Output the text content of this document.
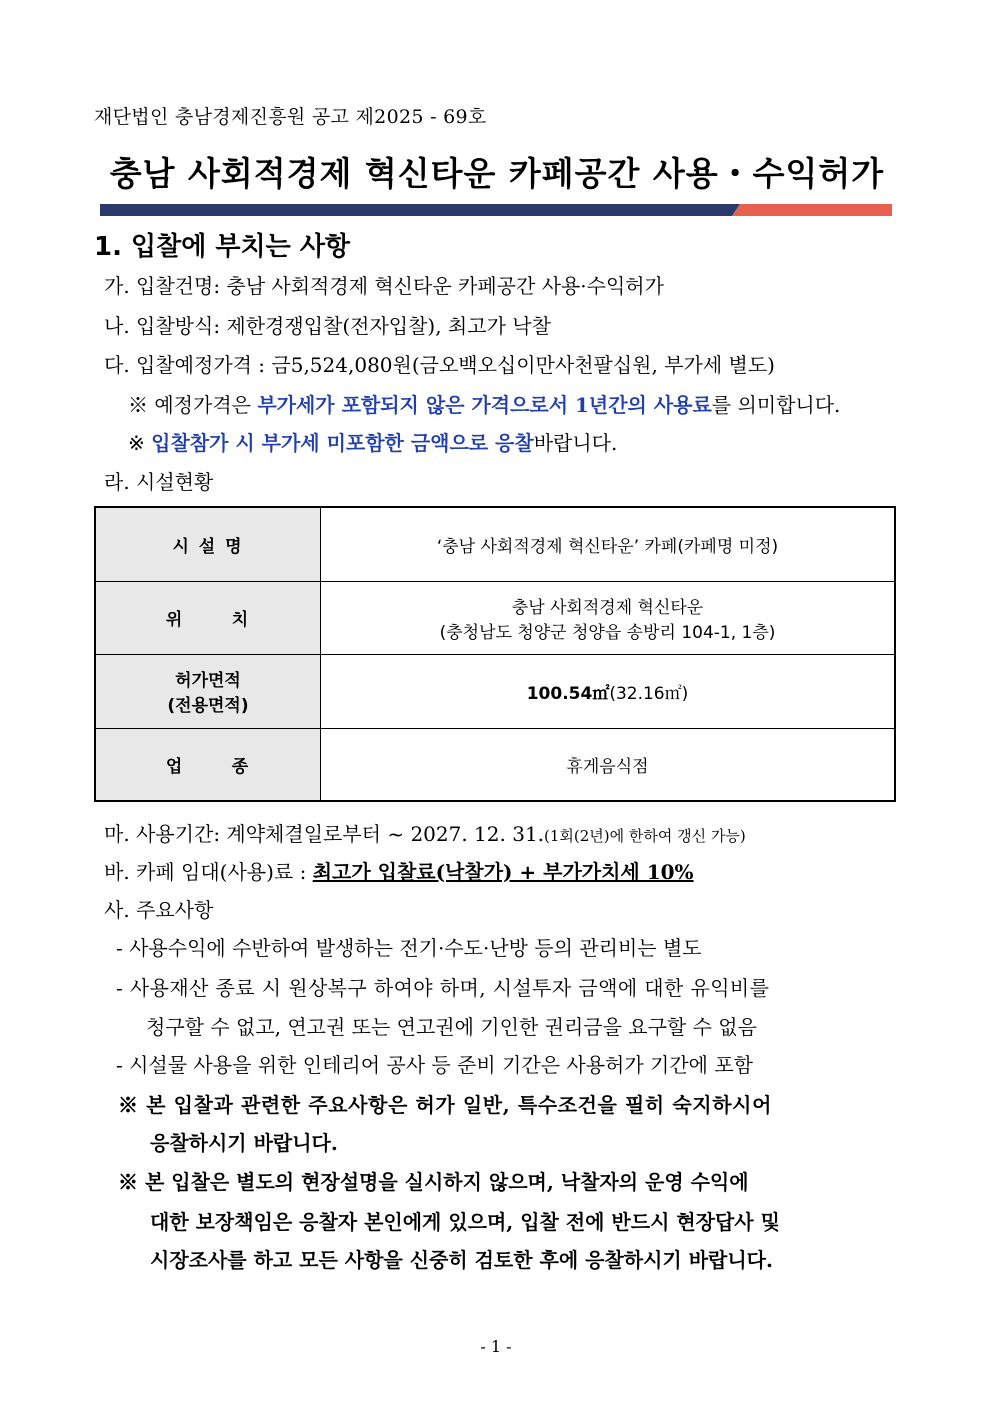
재단법인 충남경제진흥원 공고 제2025 - 69호
충남 사회적경제 혁신타운 카페공간 사용・수익허가
1. 입찰에 부치는 사항
가. 입찰건명: 충남 사회적경제 혁신타운 카페공간 사용·수익허가
나. 입찰방식: 제한경쟁입찰(전자입찰), 최고가 낙찰
다. 입찰예정가격 : 금5,524,080원(금오백오십이만사천팔십원, 부가세 별도)
※ 예정가격은 부가세가 포함되지 않은 가격으로서 1년간의 사용료를 의미합니다.
※ 입찰참가 시 부가세 미포함한 금액으로 응찰바랍니다.
라. 시설현황
시 설 명	‘충남 사회적경제 혁신타운’ 카페(카페명 미정)
위      치	충남 사회적경제 혁신타운
(충청남도 청양군 청양읍 송방리 104-1, 1층)

허가면적
(전용면적)	100.54㎡(32.16㎡)
업      종	휴게음식점
마. 사용기간: 계약체결일로부터 ~ 2027. 12. 31.(1회(2년)에 한하여 갱신 가능)
바. 카페 임대(사용)료 : 최고가 입찰료(낙찰가) + 부가가치세 10%
사. 주요사항
- 사용수익에 수반하여 발생하는 전기·수도·난방 등의 관리비는 별도
- 사용재산 종료 시 원상복구 하여야 하며, 시설투자 금액에 대한 유익비를
청구할 수 없고, 연고권 또는 연고권에 기인한 권리금을 요구할 수 없음
- 시설물 사용을 위한 인테리어 공사 등 준비 기간은 사용허가 기간에 포함
※ 본 입찰과 관련한 주요사항은 허가 일반, 특수조건을 필히 숙지하시어
응찰하시기 바랍니다.
※ 본 입찰은 별도의 현장설명을 실시하지 않으며, 낙찰자의 운영 수익에
대한 보장책임은 응찰자 본인에게 있으며, 입찰 전에 반드시 현장답사 및
시장조사를 하고 모든 사항을 신중히 검토한 후에 응찰하시기 바랍니다.
- 1 -
